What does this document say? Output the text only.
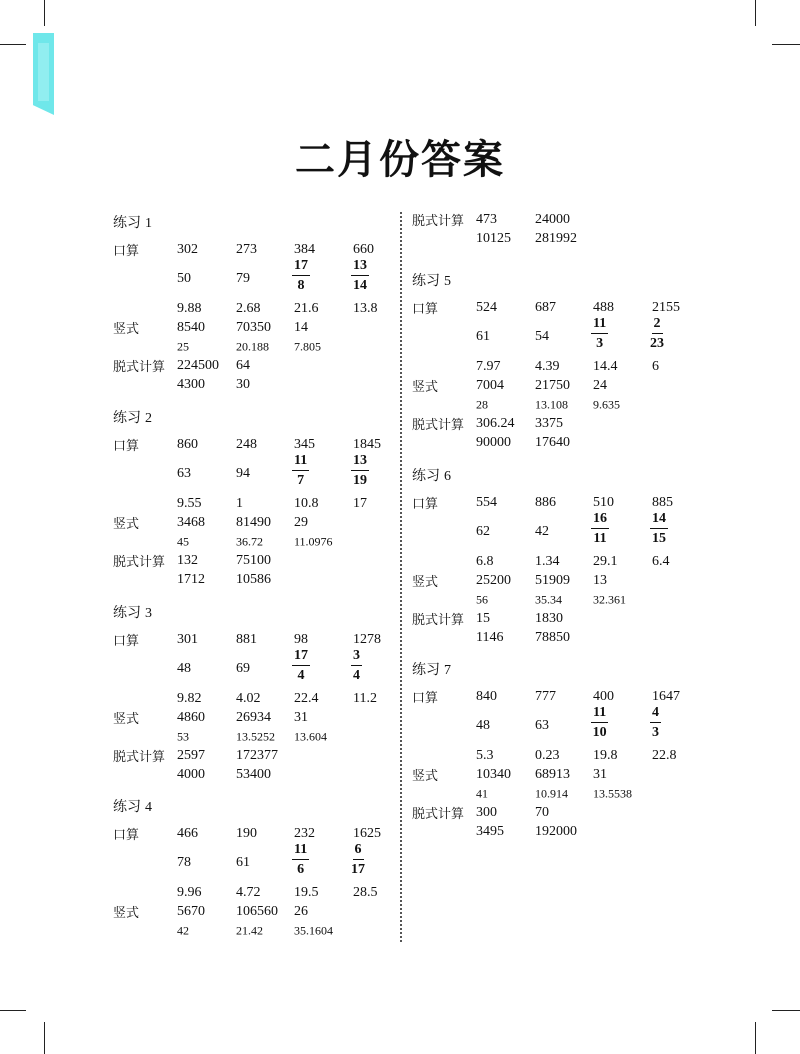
二月份答案
练习 1
口算	302	273	384	660
50	79	$\frac{17}{8}$	$\frac{13}{14}$
9.88 2.68 21.6 13.8
竖式	8540 70350 14
25	20.188 7.805
脱式计算 224500 64
4300 30
练习 2
口算	860	248	345	1845
63	94	$\frac{11}{7}$	$\frac{13}{19}$
9.55 1	10.8 17
竖式	3468 81490 29
45	36.72	11.0976
脱式计算 132	75100
1712 10586
练习 3
口算	301	881	98	1278
48	69	$\frac{17}{4}$	$\frac{3}{4}$
9.82 4.02 22.4 11.2
竖式	4860 26934 31
53	13.5252 13.604
脱式计算 2597 172377
4000 53400
练习 4
口算	466	190	232	1625
78	61	$\frac{11}{6}$	$\frac{6}{17}$
9.96 4.72 19.5 28.5
竖式	5670 106560 26
42	21.42	35.1604
脱式计算 473	24000
10125 281992
练习 5
口算	524	687	488	2155
61	54	$\frac{11}{3}$	$\frac{2}{23}$
7.97 4.39 14.4 6
竖式	7004 21750 24
28	13.108 9.635
脱式计算 306.24 3375
90000 17640
练习 6
口算	554	886	510	885
62	42	$\frac{16}{11}$	$\frac{14}{15}$
6.8	1.34 29.1 6.4
竖式	25200 51909 13
56	35.34	32.361
脱式计算 15	1830
1146 78850
练习 7
口算	840	777	400	1647
48	63	$\frac{11}{10}$	$\frac{4}{3}$
5.3	0.23 19.8 22.8
竖式	10340 68913 31
41	10.914 13.5538
脱式计算 300	70
3495 192000
